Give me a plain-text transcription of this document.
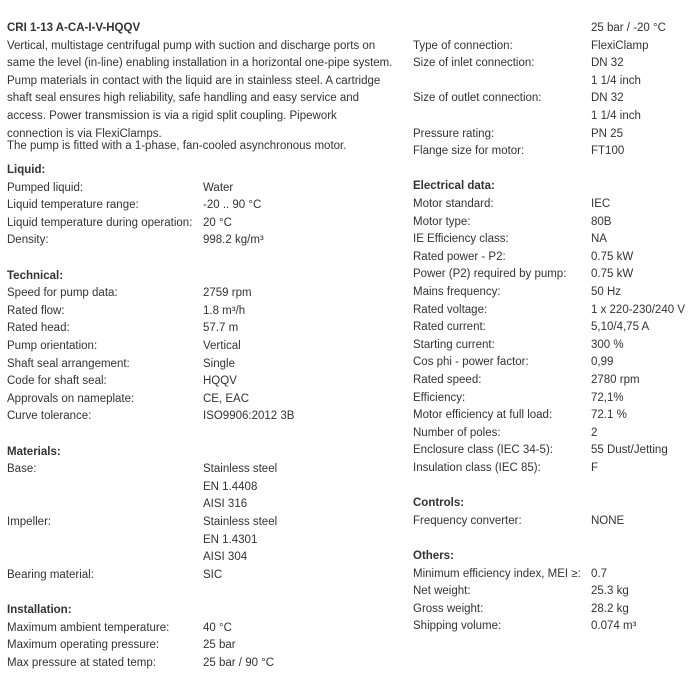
CRI 1-13 A-CA-I-V-HQQV
Vertical, multistage centrifugal pump with suction and discharge ports on
same the level (in-line) enabling installation in a horizontal one-pipe system.
Pump materials in contact with the liquid are in stainless steel. A cartridge
shaft seal ensures high reliability, safe handling and easy service and
access. Power transmission is via a rigid split coupling. Pipework
connection is via FlexiClamps.
The pump is fitted with a 1-phase, fan-cooled asynchronous motor.
Liquid:
Pumped liquid:	Water
Liquid temperature range:	-20 .. 90 °C
Liquid temperature during operation: 20 °C
Density:	998.2 kg/m³
Technical:
Speed for pump data:	2759 rpm
Rated flow:	1.8 m³/h
Rated head:	57.7 m
Pump orientation:	Vertical
Shaft seal arrangement:	Single
Code for shaft seal:	HQQV
Approvals on nameplate:	CE, EAC
Curve tolerance:	ISO9906:2012 3B
Materials:
Base:	Stainless steel
EN 1.4408
AISI 316
Impeller:	Stainless steel
EN 1.4301
AISI 304
Bearing material:	SIC
Installation:
Maximum ambient temperature:	40 °C
Maximum operating pressure:	25 bar
Max pressure at stated temp:	25 bar / 90 °C
25 bar / -20 °C
Type of connection:	FlexiClamp
Size of inlet connection:	DN 32
1 1/4 inch
Size of outlet connection:	DN 32
1 1/4 inch
Pressure rating:	PN 25
Flange size for motor:	FT100
Electrical data:
Motor standard:	IEC
Motor type:	80B
IE Efficiency class:	NA
Rated power - P2:	0.75 kW
Power (P2) required by pump: 0.75 kW
Mains frequency:	50 Hz
Rated voltage:	1 x 220-230/240 V
Rated current:	5,10/4,75 A
Starting current:	300 %
Cos phi - power factor:	0,99
Rated speed:	2780 rpm
Efficiency:	72,1%
Motor efficiency at full load:	72.1 %
Number of poles:	2
Enclosure class (IEC 34-5):	55 Dust/Jetting
Insulation class (IEC 85):	F
Controls:
Frequency converter:	NONE
Others:
Minimum efficiency index, MEI ≥: 0.7
Net weight:	25.3 kg
Gross weight:	28.2 kg
Shipping volume:	0.074 m³
